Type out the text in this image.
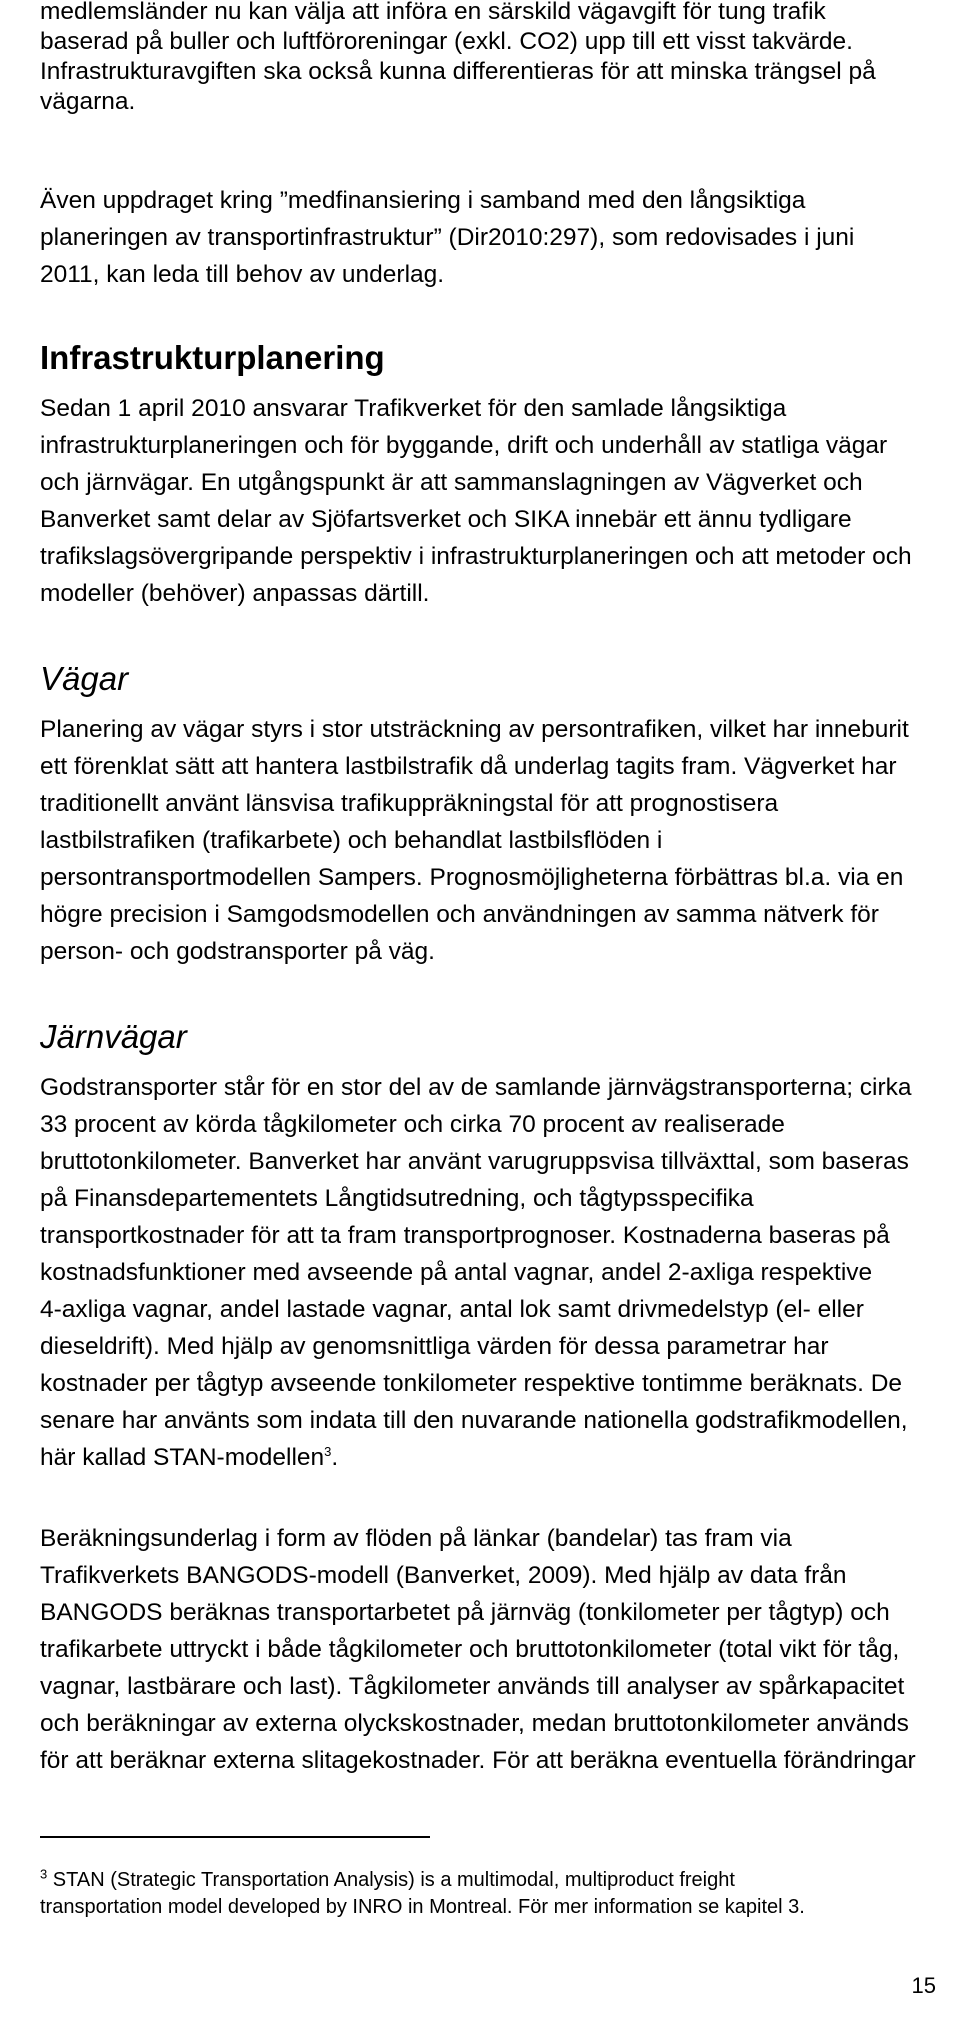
medlemsländer nu kan välja att införa en särskild vägavgift för tung trafik
baserad på buller och luftföroreningar (exkl. CO2) upp till ett visst takvärde.
Infrastrukturavgiften ska också kunna differentieras för att minska trängsel på
vägarna.
Även uppdraget kring ”medfinansiering i samband med den långsiktiga
planeringen av transportinfrastruktur” (Dir2010:297), som redovisades i juni
2011, kan leda till behov av underlag.
Infrastrukturplanering
Sedan 1 april 2010 ansvarar Trafikverket för den samlade långsiktiga
infrastrukturplaneringen och för byggande, drift och underhåll av statliga vägar
och järnvägar. En utgångspunkt är att sammanslagningen av Vägverket och
Banverket samt delar av Sjöfartsverket och SIKA innebär ett ännu tydligare
trafikslagsövergripande perspektiv i infrastrukturplaneringen och att metoder och
modeller (behöver) anpassas därtill.
Vägar
Planering av vägar styrs i stor utsträckning av persontrafiken, vilket har inneburit
ett förenklat sätt att hantera lastbilstrafik då underlag tagits fram. Vägverket har
traditionellt använt länsvisa trafikuppräkningstal för att prognostisera
lastbilstrafiken (trafikarbete) och behandlat lastbilsflöden i
persontransportmodellen Sampers. Prognosmöjligheterna förbättras bl.a. via en
högre precision i Samgodsmodellen och användningen av samma nätverk för
person- och godstransporter på väg.
Järnvägar
Godstransporter står för en stor del av de samlande järnvägstransporterna; cirka
33 procent av körda tågkilometer och cirka 70 procent av realiserade
bruttotonkilometer. Banverket har använt varugruppsvisa tillväxttal, som baseras
på Finansdepartementets Långtidsutredning, och tågtypsspecifika
transportkostnader för att ta fram transportprognoser. Kostnaderna baseras på
kostnadsfunktioner med avseende på antal vagnar, andel 2-axliga respektive
4-axliga vagnar, andel lastade vagnar, antal lok samt drivmedelstyp (el- eller
dieseldrift). Med hjälp av genomsnittliga värden för dessa parametrar har
kostnader per tågtyp avseende tonkilometer respektive tontimme beräknats. De
senare har använts som indata till den nuvarande nationella godstrafikmodellen,
här kallad STAN-modellen$^3$.
Beräkningsunderlag i form av flöden på länkar (bandelar) tas fram via
Trafikverkets BANGODS-modell (Banverket, 2009). Med hjälp av data från
BANGODS beräknas transportarbetet på järnväg (tonkilometer per tågtyp) och
trafikarbete uttryckt i både tågkilometer och bruttotonkilometer (total vikt för tåg,
vagnar, lastbärare och last). Tågkilometer används till analyser av spårkapacitet
och beräkningar av externa olyckskostnader, medan bruttotonkilometer används
för att beräknar externa slitagekostnader. För att beräkna eventuella förändringar
$^3$ STAN (Strategic Transportation Analysis) is a multimodal, multiproduct freight
transportation model developed by INRO in Montreal. För mer information se kapitel 3.
15
